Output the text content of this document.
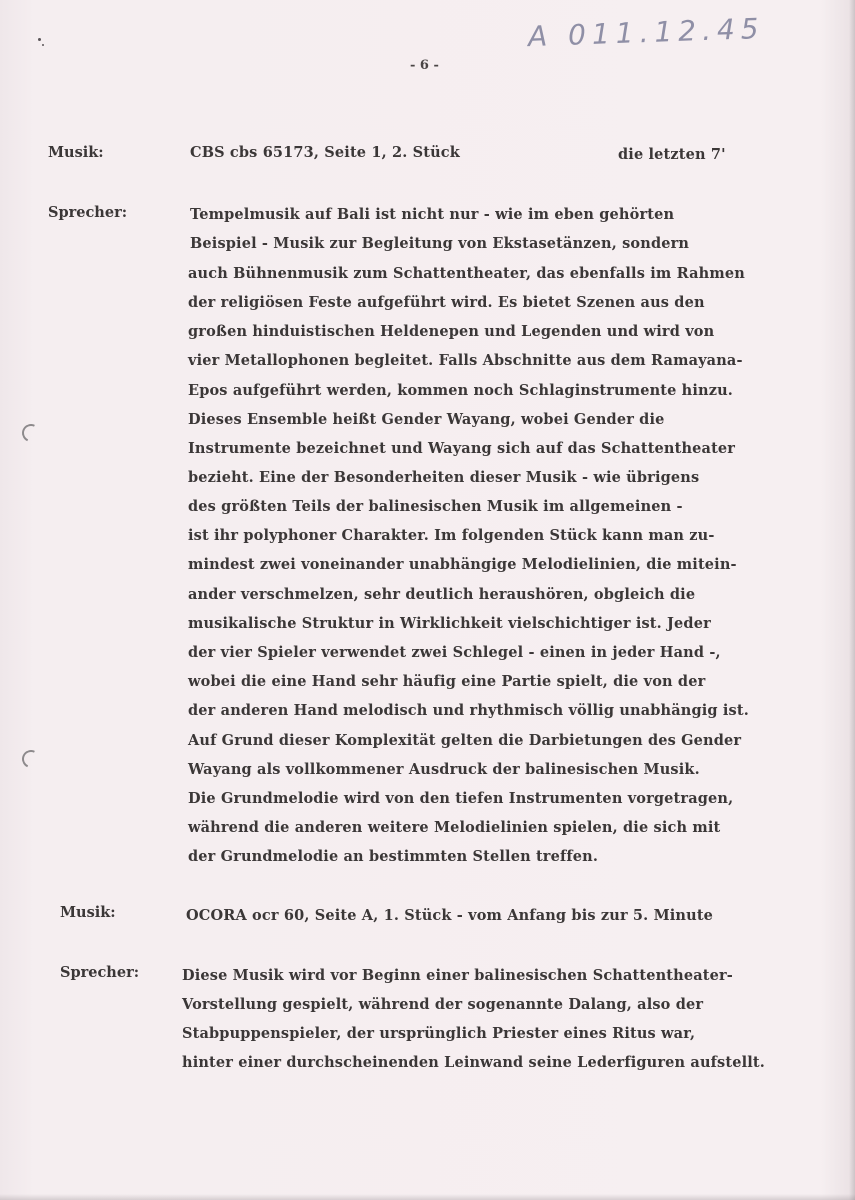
A 011.12.45
- 6 -
Musik:	CBS cbs 65173, Seite 1, 2. Stück	die letzten 7'
Sprecher:	Tempelmusik auf Bali ist nicht nur - wie im eben gehörten
Beispiel - Musik zur Begleitung von Ekstasetänzen, sondern
auch Bühnenmusik zum Schattentheater, das ebenfalls im Rahmen
der religiösen Feste aufgeführt wird. Es bietet Szenen aus den
großen hinduistischen Heldenepen und Legenden und wird von
vier Metallophonen begleitet. Falls Abschnitte aus dem Ramayana-
Epos aufgeführt werden, kommen noch Schlaginstrumente hinzu.
Dieses Ensemble heißt Gender Wayang, wobei Gender die
Instrumente bezeichnet und Wayang sich auf das Schattentheater
bezieht. Eine der Besonderheiten dieser Musik - wie übrigens
des größten Teils der balinesischen Musik im allgemeinen -
ist ihr polyphoner Charakter. Im folgenden Stück kann man zu-
mindest zwei voneinander unabhängige Melodielinien, die mitein-
ander verschmelzen, sehr deutlich heraushören, obgleich die
musikalische Struktur in Wirklichkeit vielschichtiger ist. Jeder
der vier Spieler verwendet zwei Schlegel - einen in jeder Hand -,
wobei die eine Hand sehr häufig eine Partie spielt, die von der
der anderen Hand melodisch und rhythmisch völlig unabhängig ist.
Auf Grund dieser Komplexität gelten die Darbietungen des Gender
Wayang als vollkommener Ausdruck der balinesischen Musik.
Die Grundmelodie wird von den tiefen Instrumenten vorgetragen,
während die anderen weitere Melodielinien spielen, die sich mit
der Grundmelodie an bestimmten Stellen treffen.
Musik:	OCORA ocr 60, Seite A, 1. Stück - vom Anfang bis zur 5. Minute
Sprecher:	Diese Musik wird vor Beginn einer balinesischen Schattentheater-
Vorstellung gespielt, während der sogenannte Dalang, also der
Stabpuppenspieler, der ursprünglich Priester eines Ritus war,
hinter einer durchscheinenden Leinwand seine Lederfiguren aufstellt.
